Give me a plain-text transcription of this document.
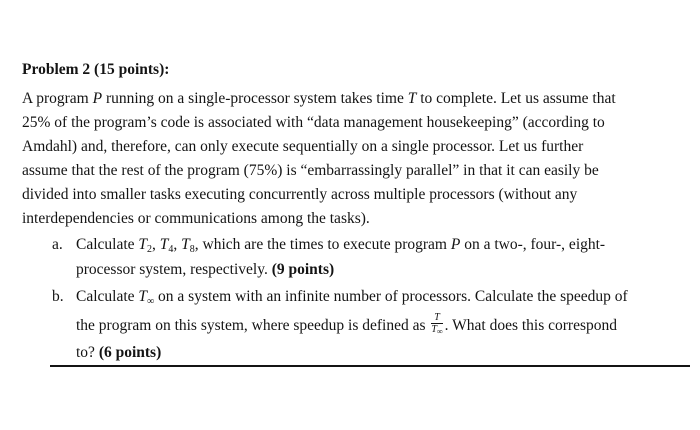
Problem 2 (15 points):
A program P running on a single-processor system takes time T to complete. Let us assume that
25% of the program’s code is associated with “data management housekeeping” (according to
Amdahl) and, therefore, can only execute sequentially on a single processor. Let us further
assume that the rest of the program (75%) is “embarrassingly parallel” in that it can easily be
divided into smaller tasks executing concurrently across multiple processors (without any
interdependencies or communications among the tasks).
a. Calculate $T_2$, $T_4$, $T_8$, which are the times to execute program P on a two-, four-, eight-
processor system, respectively. (9 points)
b. Calculate $T_\infty$ on a system with an infinite number of processors. Calculate the speedup of
the program on this system, where speedup is defined as $\frac{T}{T_\infty}$ . What does this correspond
to? (6 points)
